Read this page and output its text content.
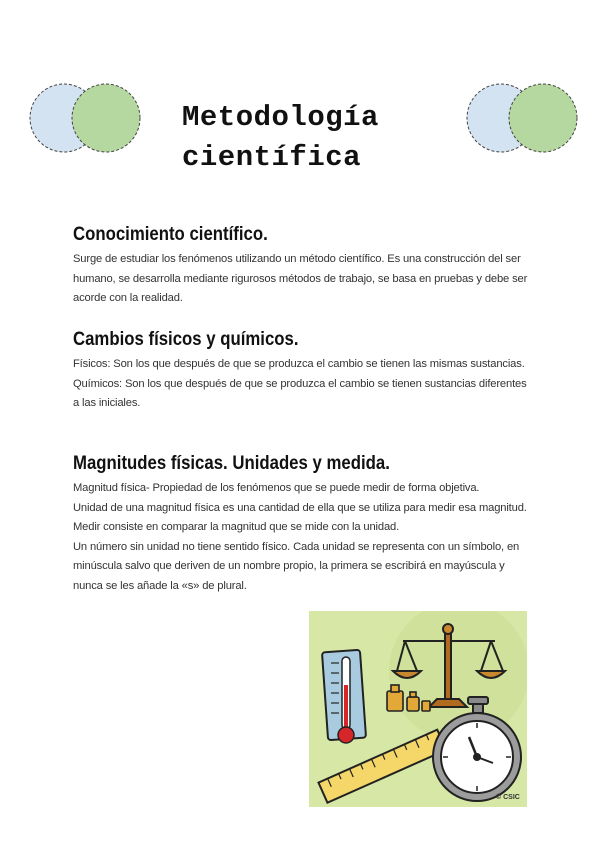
Metodología
científica
Conocimiento científico.

Surge de estudiar los fenómenos utilizando un método científico. Es una construcción del ser humano, se desarrolla mediante rigurosos métodos de trabajo, se basa en pruebas y debe ser acorde con la realidad.

Cambios físicos y químicos.

Físicos: Son los que después de que se produzca el cambio se tienen las mismas sustancias.

Químicos: Son los que después de que se produzca el cambio se tienen sustancias diferentes a las iniciales.

Magnitudes físicas. Unidades y medida.

Magnitud física- Propiedad de los fenómenos que se puede medir de forma objetiva.

Unidad de una magnitud física es una cantidad de ella que se utiliza para medir esa magnitud.

Medir consiste en comparar la magnitud que se mide con la unidad.

Un número sin unidad no tiene sentido físico. Cada unidad se representa con un símbolo, en minúscula salvo que deriven de un nombre propio, la primera se escribirá en mayúscula y nunca se les añade la «s» de plural.

© CSIC
